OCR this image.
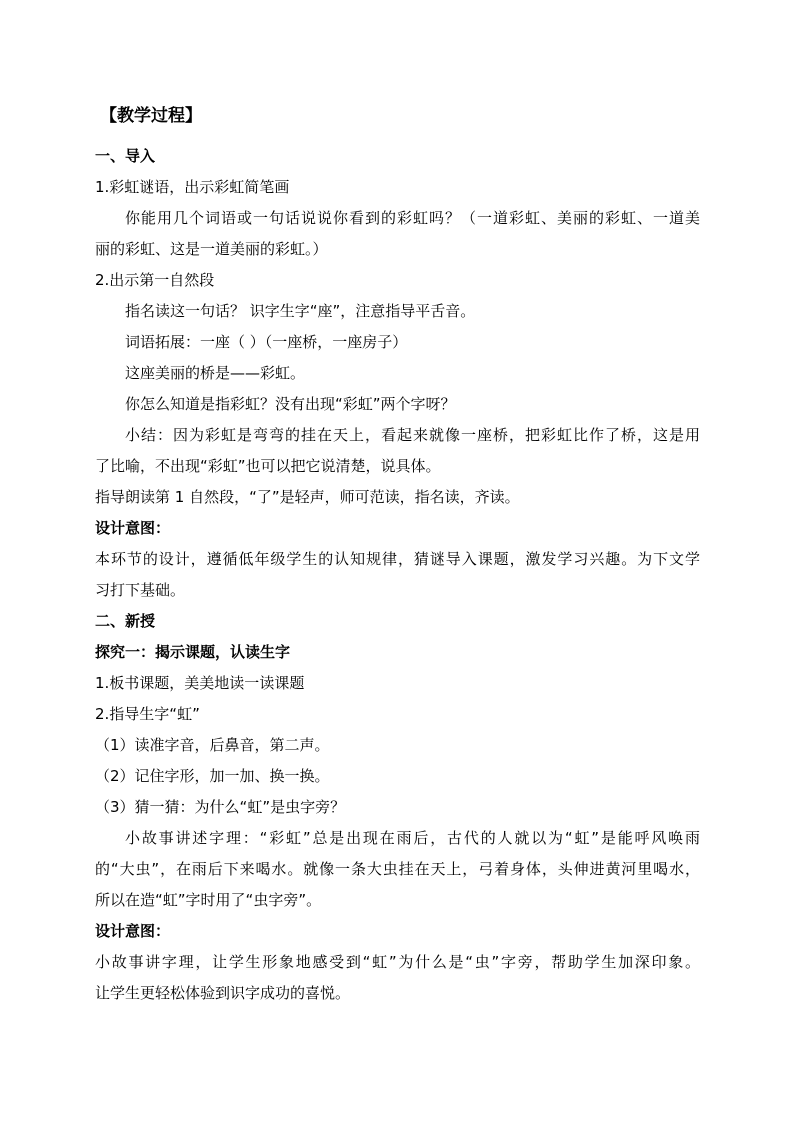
【教学过程】
一、导入
1.彩虹谜语，出示彩虹简笔画
你能用几个词语或一句话说说你看到的彩虹吗？（一道彩虹、美丽的彩虹、一道美
丽的彩虹、这是一道美丽的彩虹。）
2.出示第一自然段
指名读这一句话？ 识字生字“座”，注意指导平舌音。
词语拓展：一座（ ）（一座桥，一座房子）
这座美丽的桥是——彩虹。
你怎么知道是指彩虹？没有出现“彩虹”两个字呀？
小结：因为彩虹是弯弯的挂在天上，看起来就像一座桥，把彩虹比作了桥，这是用
了比喻，不出现“彩虹”也可以把它说清楚，说具体。
指导朗读第 1 自然段，“了”是轻声，师可范读，指名读，齐读。
设计意图：
本环节的设计，遵循低年级学生的认知规律，猜谜导入课题，激发学习兴趣。为下文学
习打下基础。
二、新授
探究一：揭示课题，认读生字
1.板书课题，美美地读一读课题
2.指导生字“虹”
（1）读准字音，后鼻音，第二声。
（2）记住字形，加一加、换一换。
（3）猜一猜：为什么“虹”是虫字旁？
小故事讲述字理：“彩虹”总是出现在雨后，古代的人就以为“虹”是能呼风唤雨
的“大虫”，在雨后下来喝水。就像一条大虫挂在天上，弓着身体，头伸进黄河里喝水，
所以在造“虹”字时用了“虫字旁”。
设计意图：
小故事讲字理，让学生形象地感受到“虹”为什么是“虫”字旁，帮助学生加深印象。
让学生更轻松体验到识字成功的喜悦。
